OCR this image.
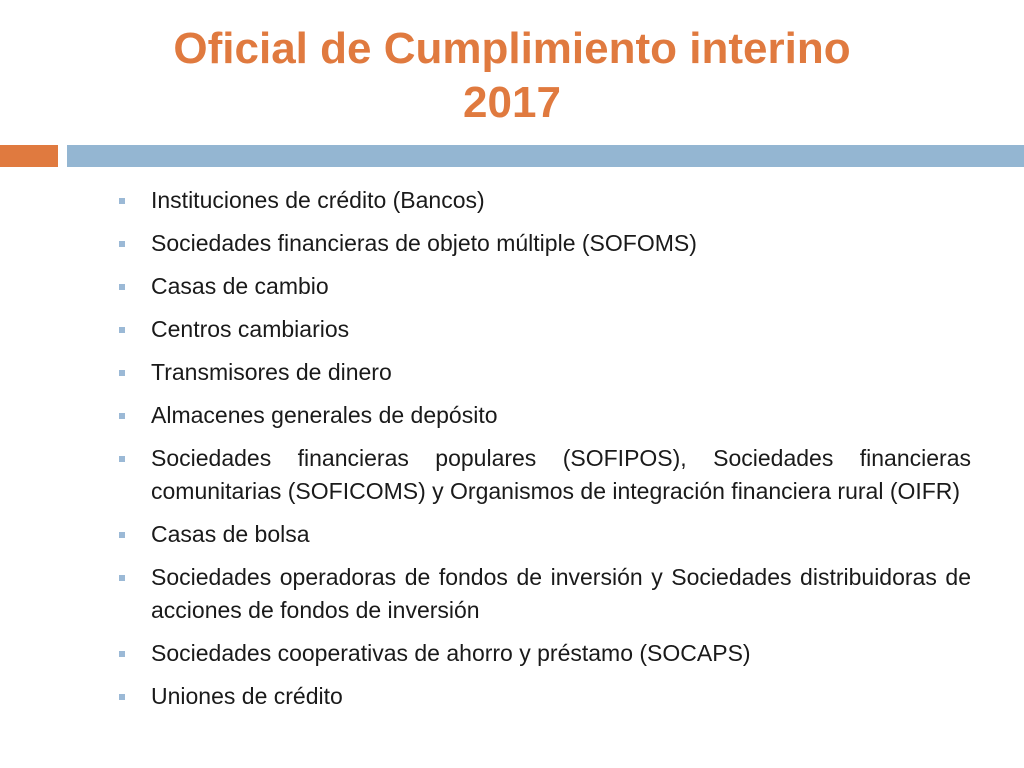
Oficial de Cumplimiento interino
2017
Instituciones de crédito (Bancos)
Sociedades financieras de objeto múltiple (SOFOMS)
Casas de cambio
Centros cambiarios
Transmisores de dinero
Almacenes generales de depósito
Sociedades financieras populares (SOFIPOS), Sociedades financieras comunitarias (SOFICOMS) y Organismos de integración financiera rural (OIFR)
Casas de bolsa
Sociedades operadoras de fondos de inversión y Sociedades distribuidoras de acciones de fondos de inversión
Sociedades cooperativas de ahorro y préstamo (SOCAPS)
Uniones de crédito
